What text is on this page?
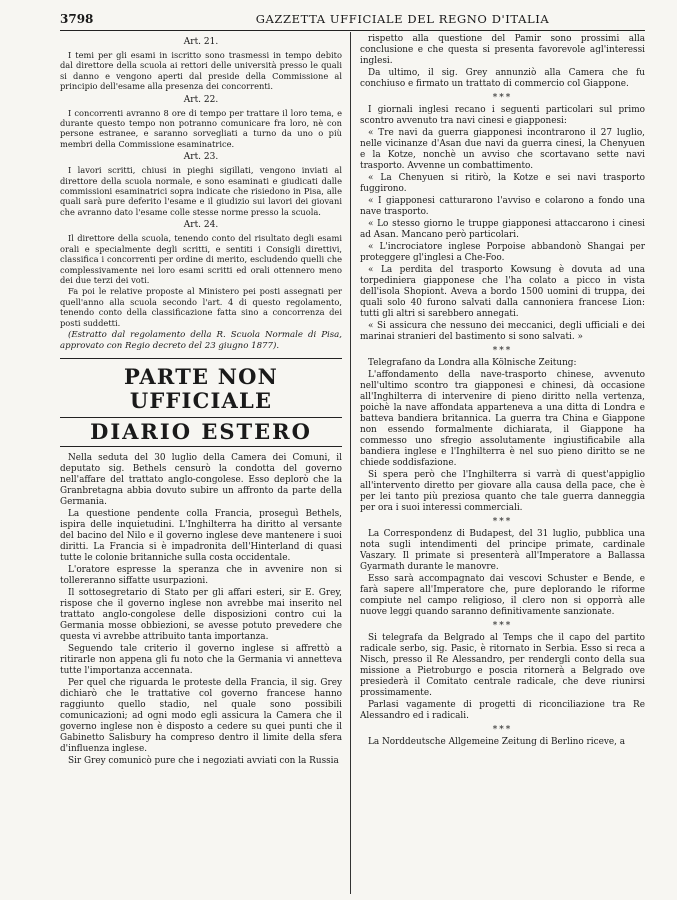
3798	GAZZETTA UFFICIALE DEL REGNO D'ITALIA

Art. 21.

I temi per gli esami in iscritto sono trasmessi in tempo debito dal direttore della scuola ai rettori delle università presso le quali si danno e vengono aperti dal preside della Commissione al principio dell'esame alla presenza dei concorrenti.

Art. 22.

I concorrenti avranno 8 ore di tempo per trattare il loro tema, e durante questo tempo non potranno comunicare fra loro, nè con persone estranee, e saranno sorvegliati a turno da uno o più membri della Commissione esaminatrice.

Art. 23.

I lavori scritti, chiusi in pieghi sigillati, vengono inviati al direttore della scuola normale, e sono esaminati e giudicati dalle commissioni esaminatrici sopra indicate che risiedono in Pisa, alle quali sarà pure deferito l'esame e il giudizio sui lavori dei giovani che avranno dato l'esame colle stesse norme presso la scuola.

Art. 24.

Il direttore della scuola, tenendo conto del risultato degli esami orali e specialmente degli scritti, e sentiti i Consigli direttivi, classifica i concorrenti per ordine di merito, escludendo quelli che complessivamente nei loro esami scritti ed orali ottennero meno dei due terzi dei voti.

Fa poi le relative proposte al Ministero pei posti assegnati per quell'anno alla scuola secondo l'art. 4 di questo regolamento, tenendo conto della classificazione fatta sino a concorrenza dei posti suddetti.

(Estratto dal regolamento della R. Scuola Normale di Pisa, approvato con Regio decreto del 23 giugno 1877).

PARTE NON UFFICIALE

DIARIO ESTERO

Nella seduta del 30 luglio della Camera dei Comuni, il deputato sig. Bethels censurò la condotta del governo nell'affare del trattato anglo-congolese. Esso deplorò che la Granbretagna abbia dovuto subire un affronto da parte della Germania.

La questione pendente colla Francia, proseguì Bethels, ispira delle inquietudini. L'Inghilterra ha diritto al versante del bacino del Nilo e il governo inglese deve mantenere i suoi diritti. La Francia si è impadronita dell'Hinterland di quasi tutte le colonie britanniche sulla costa occidentale.

L'oratore espresse la speranza che in avvenire non si tollereranno siffatte usurpazioni.

Il sottosegretario di Stato per gli affari esteri, sir E. Grey, rispose che il governo inglese non avrebbe mai inserito nel trattato anglo-congolese delle disposizioni contro cui la Germania mosse obbiezioni, se avesse potuto prevedere che questa vi avrebbe attribuito tanta importanza.

Seguendo tale criterio il governo inglese si affrettò a ritirarle non appena gli fu noto che la Germania vi annetteva tutte l'importanza accennata.

Per quel che riguarda le proteste della Francia, il sig. Grey dichiarò che le trattative col governo francese hanno raggiunto quello stadio, nel quale sono possibili comunicazioni; ad ogni modo egli assicura la Camera che il governo inglese non è disposto a cedere su quei punti che il Gabinetto Salisbury ha compreso dentro il limite della sfera d'influenza inglese.

Sir Grey comunicò pure che i negoziati avviati con la Russia

rispetto alla questione del Pamir sono prossimi alla conclusione e che questa si presenta favorevole agl'interessi inglesi.

Da ultimo, il sig. Grey annunziò alla Camera che fu conchiuso e firmato un trattato di commercio col Giappone.

***

I giornali inglesi recano i seguenti particolari sul primo scontro avvenuto tra navi cinesi e giapponesi:

« Tre navi da guerra giapponesi incontrarono il 27 luglio, nelle vicinanze d'Asan due navi da guerra cinesi, la Chenyuen e la Kotze, nonchè un avviso che scortavano sette navi trasporto. Avvenne un combattimento.

« La Chenyuen si ritirò, la Kotze e sei navi trasporto fuggirono.

« I giapponesi catturarono l'avviso e colarono a fondo una nave trasporto.

« Lo stesso giorno le truppe giapponesi attaccarono i cinesi ad Asan. Mancano però particolari.

« L'incrociatore inglese Porpoise abbandonò Shangai per proteggere gl'inglesi a Che-Foo.

« La perdita del trasporto Kowsung è dovuta ad una torpediniera giapponese che l'ha colato a picco in vista dell'isola Shopiont. Aveva a bordo 1500 uomini di truppa, dei quali solo 40 furono salvati dalla cannoniera francese Lion: tutti gli altri si sarebbero annegati.

« Si assicura che nessuno dei meccanici, degli ufficiali e dei marinai stranieri del bastimento si sono salvati. »

***

Telegrafano da Londra alla Kölnische Zeitung:

L'affondamento della nave-trasporto chinese, avvenuto nell'ultimo scontro tra giapponesi e chinesi, dà occasione all'Inghilterra di intervenire di pieno diritto nella vertenza, poichè la nave affondata apparteneva a una ditta di Londra e batteva bandiera britannica. La guerra tra China e Giappone non essendo formalmente dichiarata, il Giappone ha commesso uno sfregio assolutamente ingiustificabile alla bandiera inglese e l'Inghilterra è nel suo pieno diritto se ne chiede soddisfazione.

Si spera però che l'Inghilterra si varrà di quest'appiglio all'intervento diretto per giovare alla causa della pace, che è per lei tanto più preziosa quanto che tale guerra danneggia per ora i suoi interessi commerciali.

***

La Correspondenz di Budapest, del 31 luglio, pubblica una nota sugli intendimenti del principe primate, cardinale Vaszary. Il primate si presenterà all'Imperatore a Ballassa Gyarmath durante le manovre.

Esso sarà accompagnato dai vescovi Schuster e Bende, e farà sapere all'Imperatore che, pure deplorando le riforme compiute nel campo religioso, il clero non si opporrà alle nuove leggi quando saranno definitivamente sanzionate.

***

Si telegrafa da Belgrado al Temps che il capo del partito radicale serbo, sig. Pasic, è ritornato in Serbia. Esso si reca a Nisch, presso il Re Alessandro, per rendergli conto della sua missione a Pietroburgo e poscia ritornerà a Belgrado ove presiederà il Comitato centrale radicale, che deve riunirsi prossimamente.

Parlasi vagamente di progetti di riconciliazione tra Re Alessandro ed i radicali.

***

La Norddeutsche Allgemeine Zeitung di Berlino riceve, a
